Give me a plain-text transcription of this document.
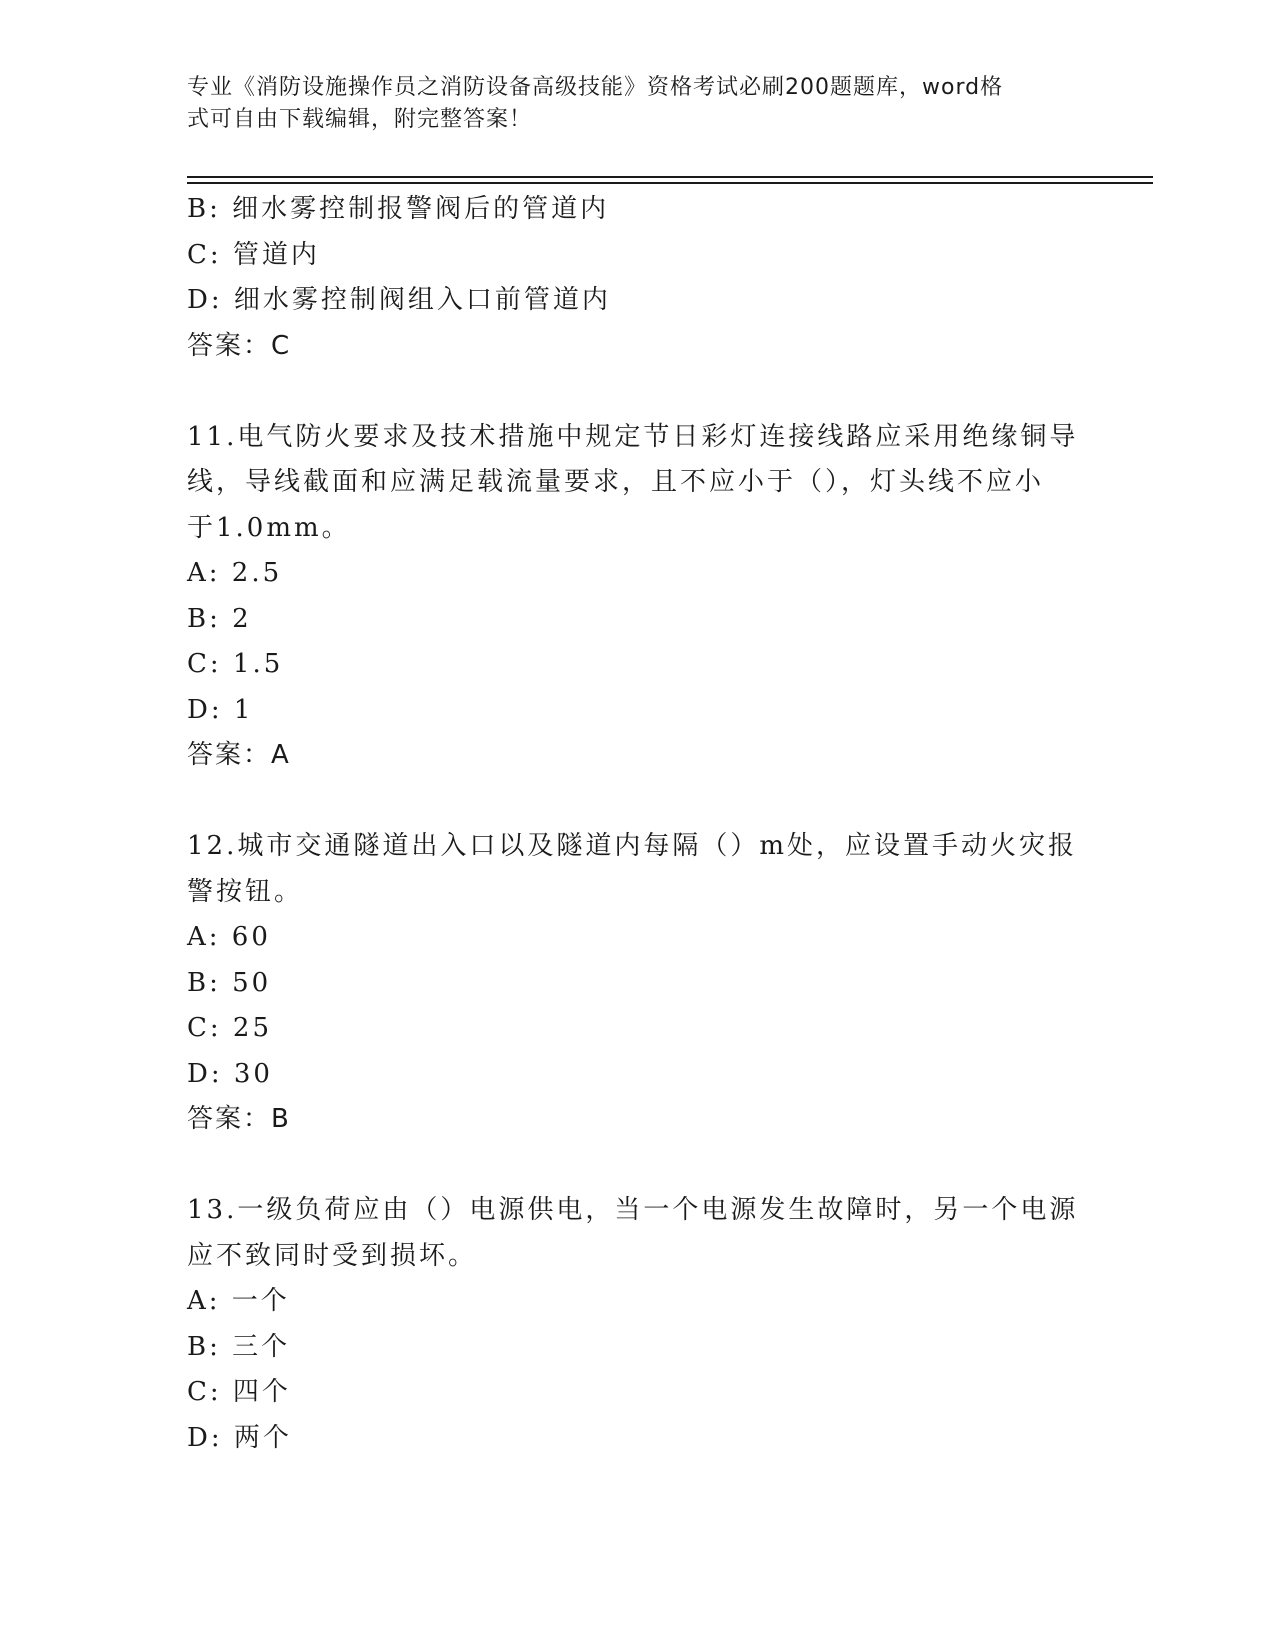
专业《消防设施操作员之消防设备高级技能》资格考试必刷200题题库，word格
式可自由下载编辑，附完整答案！
B: 细水雾控制报警阀后的管道内
C: 管道内
D: 细水雾控制阀组入口前管道内
答案：C
11.电气防火要求及技术措施中规定节日彩灯连接线路应采用绝缘铜导
线，导线截面和应满足载流量要求，且不应小于（），灯头线不应小
于1.0mm。
A: 2.5
B: 2
C: 1.5
D: 1
答案：A
12.城市交通隧道出入口以及隧道内每隔（）m处，应设置手动火灾报
警按钮。
A: 60
B: 50
C: 25
D: 30
答案：B
13.一级负荷应由（）电源供电，当一个电源发生故障时，另一个电源
应不致同时受到损坏。
A: 一个
B: 三个
C: 四个
D: 两个
